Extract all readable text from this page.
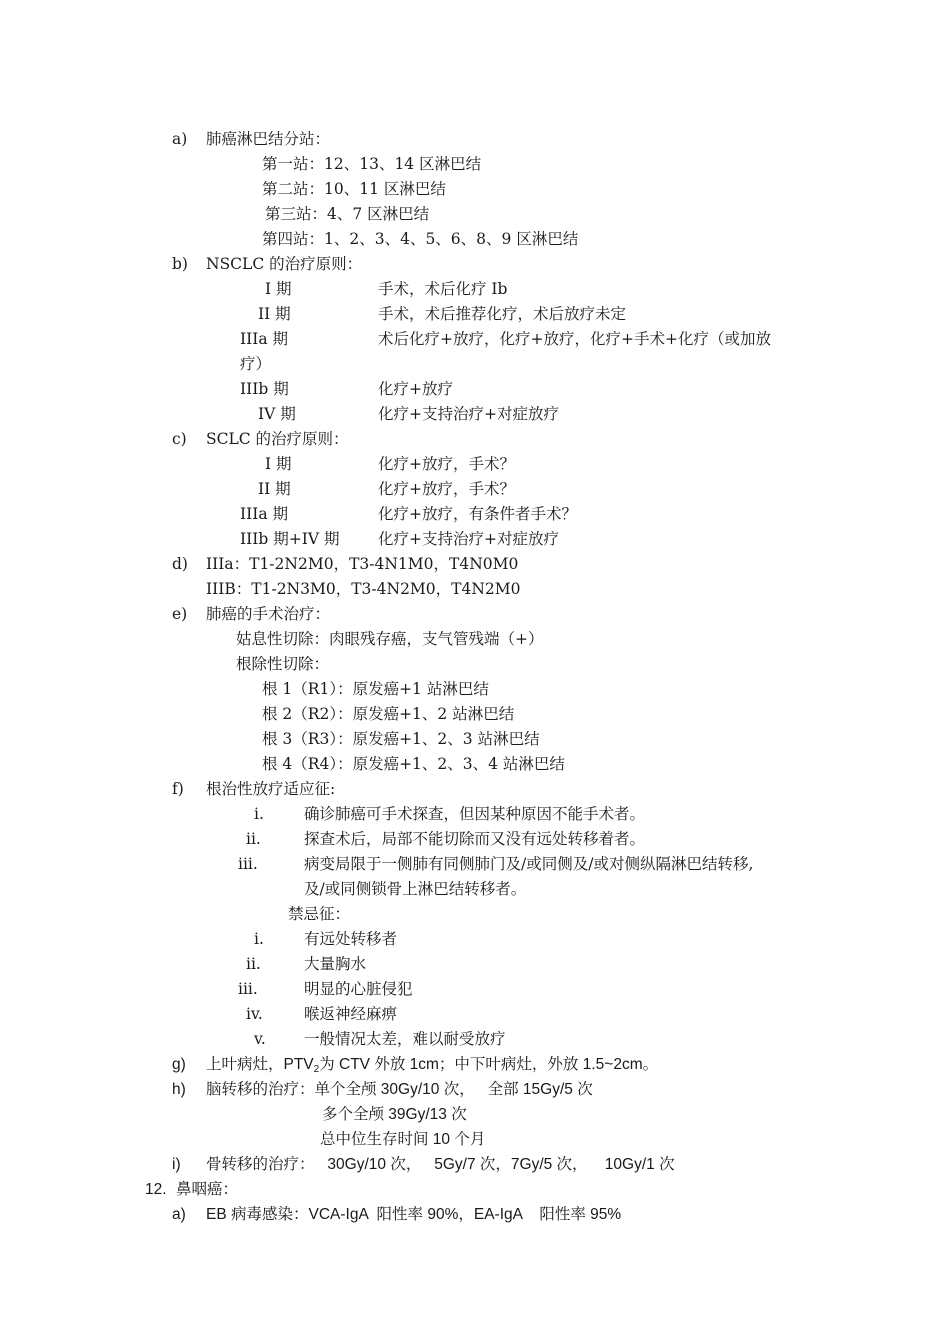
a) 肺癌淋巴结分站：
第一站：12、13、14 区淋巴结
第二站：10、11 区淋巴结
第三站：4、7 区淋巴结
第四站：1、2、3、4、5、6、8、9 区淋巴结
b) NSCLC 的治疗原则：
I 期	手术，术后化疗 Ib
II 期	手术，术后推荐化疗，术后放疗未定
IIIa 期	术后化疗+放疗，化疗+放疗，化疗+手术+化疗（或加放
疗）
IIIb 期	化疗+放疗
IV 期	化疗+支持治疗+对症放疗
c) SCLC 的治疗原则：
I 期	化疗+放疗，手术？
II 期	化疗+放疗，手术？
IIIa 期	化疗+放疗，有条件者手术？
IIIb 期+IV 期 化疗+支持治疗+对症放疗
d) IIIa：T1-2N2M0，T3-4N1M0，T4N0M0
IIIB：T1-2N3M0，T3-4N2M0，T4N2M0
e) 肺癌的手术治疗：
姑息性切除：肉眼残存癌，支气管残端（+）
根除性切除：
根 1（R1）：原发癌+1 站淋巴结
根 2（R2）：原发癌+1、2 站淋巴结
根 3（R3）：原发癌+1、2、3 站淋巴结
根 4（R4）：原发癌+1、2、3、4 站淋巴结
f) 根治性放疗适应征:
i.	确诊肺癌可手术探查，但因某种原因不能手术者。
ii.	探查术后，局部不能切除而又没有远处转移着者。
iii.	病变局限于一侧肺有同侧肺门及/或同侧及/或对侧纵隔淋巴结转移,
及/或同侧锁骨上淋巴结转移者。
禁忌征：
i.	有远处转移者
ii.	大量胸水
iii.	明显的心脏侵犯
iv.	喉返神经麻痹
v. 一般情况太差，难以耐受放疗
g) 上叶病灶，$PTV_2$为 CTV 外放 1cm；中下叶病灶，外放 1.5~2cm。
h) 脑转移的治疗：单个全颅 30Gy/10 次，   全部 15Gy/5 次
多个全颅 39Gy/13 次
总中位生存时间 10 个月
i) 骨转移的治疗：   30Gy/10 次，   5Gy/7 次，7Gy/5 次，    10Gy/1 次
12. 鼻咽癌：
a) EB 病毒感染：VCA-IgA  阳性率 90%，EA-IgA    阳性率 95%
